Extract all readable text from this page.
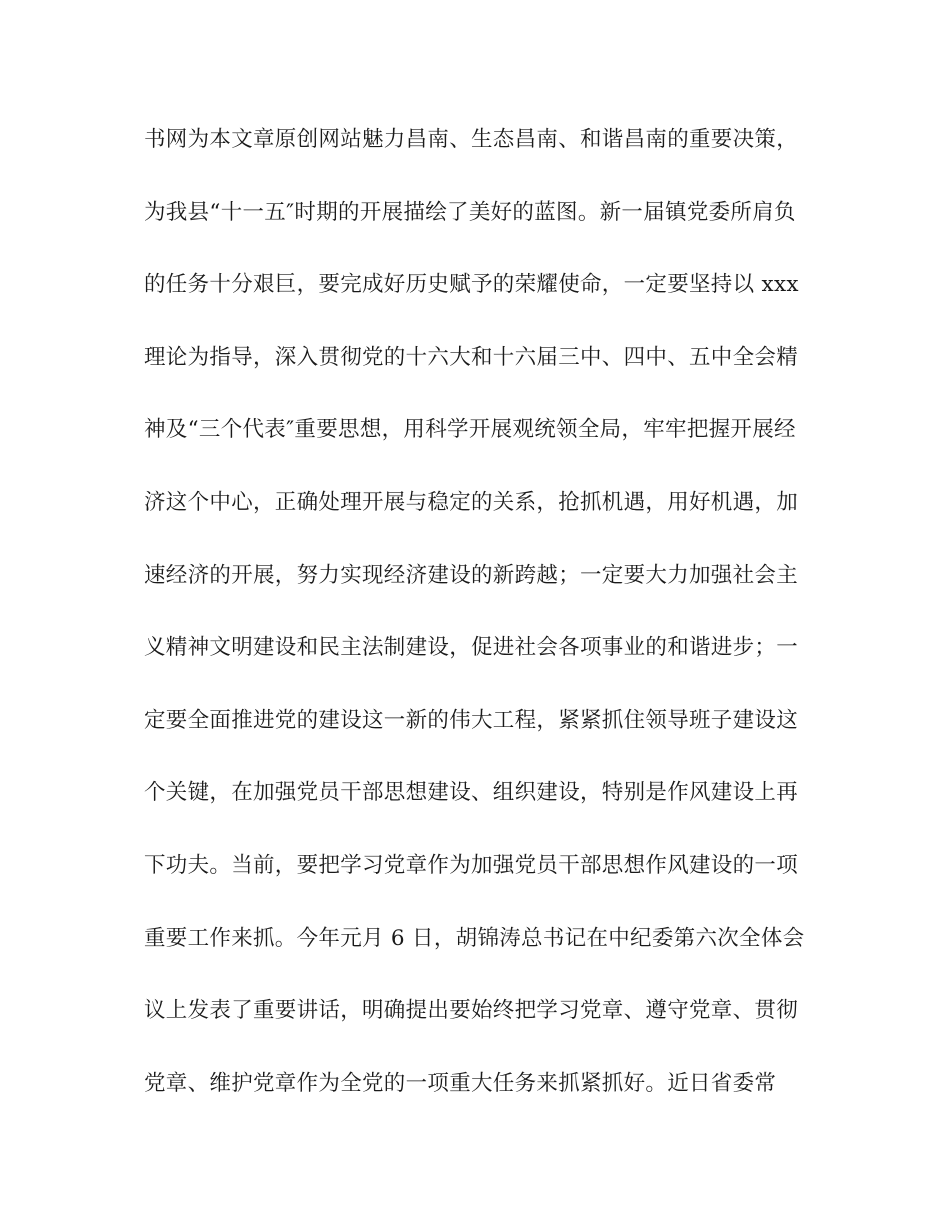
书网为本文章原创网站魅力昌南、生态昌南、和谐昌南的重要决策，
为我县“十一五″时期的开展描绘了美好的蓝图。新一届镇党委所肩负
的任务十分艰巨，要完成好历史赋予的荣耀使命，一定要坚持以 xxx
理论为指导，深入贯彻党的十六大和十六届三中、四中、五中全会精
神及“三个代表″重要思想，用科学开展观统领全局，牢牢把握开展经
济这个中心，正确处理开展与稳定的关系，抢抓机遇，用好机遇，加
速经济的开展，努力实现经济建设的新跨越；一定要大力加强社会主
义精神文明建设和民主法制建设，促进社会各项事业的和谐进步；一
定要全面推进党的建设这一新的伟大工程，紧紧抓住领导班子建设这
个关键，在加强党员干部思想建设、组织建设，特别是作风建设上再
下功夫。当前，要把学习党章作为加强党员干部思想作风建设的一项
重要工作来抓。今年元月 6 日，胡锦涛总书记在中纪委第六次全体会
议上发表了重要讲话，明确提出要始终把学习党章、遵守党章、贯彻
党章、维护党章作为全党的一项重大任务来抓紧抓好。近日省委常
